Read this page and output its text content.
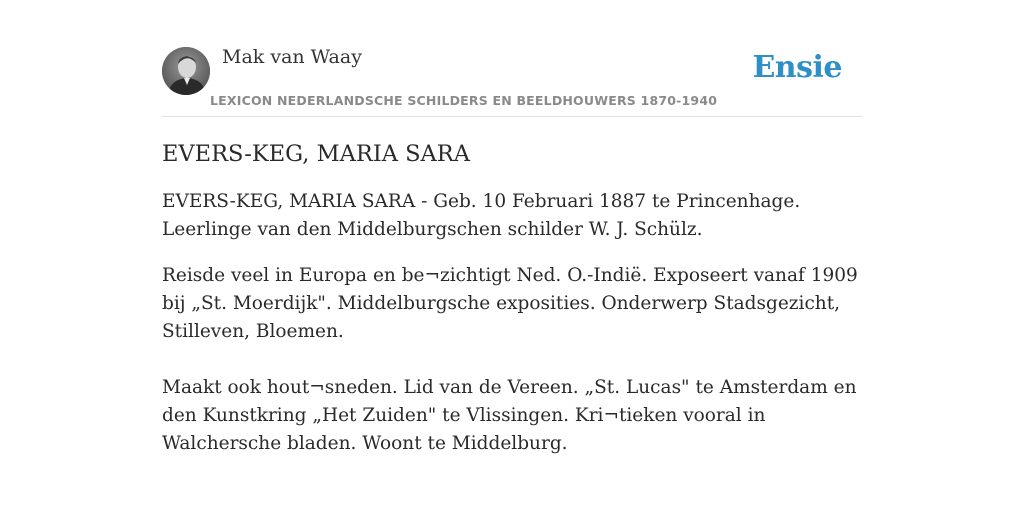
Mak van Waay
LEXICON NEDERLANDSCHE SCHILDERS EN BEELDHOUWERS 1870-1940
Ensie
EVERS-KEG, MARIA SARA

EVERS-KEG, MARIA SARA - Geb. 10 Februari 1887 te Princenhage. Leerlinge van den Middelburgschen schilder W. J. Schülz.

Reisde veel in Europa en be¬zichtigt Ned. O.-Indië. Exposeert vanaf 1909 bij „St. Moerdijk". Middelburgsche exposities. Onderwerp Stadsgezicht, Stilleven, Bloemen.

Maakt ook hout¬sneden. Lid van de Vereen. „St. Lucas" te Amsterdam en den Kunstkring „Het Zuiden" te Vlissingen. Kri¬tieken vooral in Walchersche bladen. Woont te Middelburg.
